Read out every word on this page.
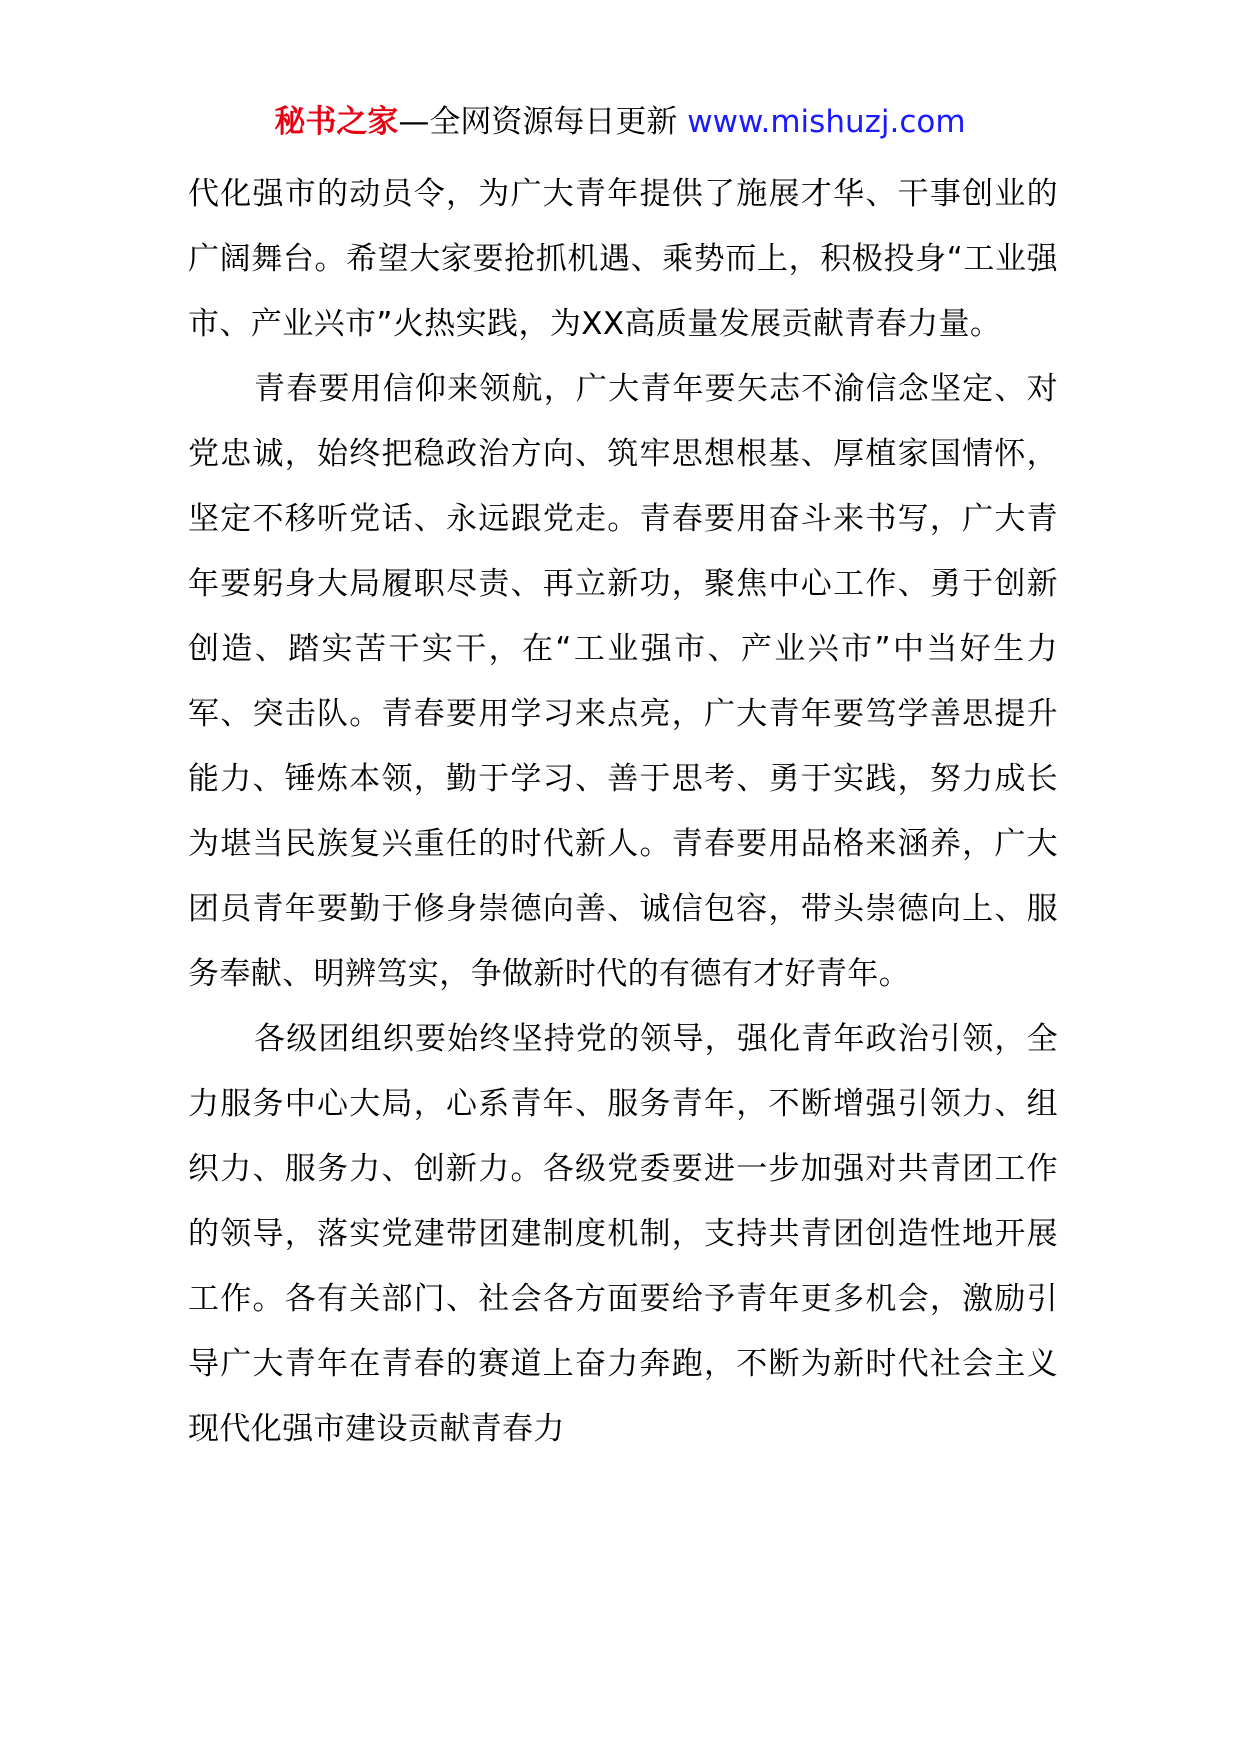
秘书之家—全网资源每日更新 www.mishuzj.com

代化强市的动员令，为广大青年提供了施展才华、干事创业的广阔舞台。希望大家要抢抓机遇、乘势而上，积极投身“工业强市、产业兴市”火热实践，为XX高质量发展贡献青春力量。

青春要用信仰来领航，广大青年要矢志不渝信念坚定、对党忠诚，始终把稳政治方向、筑牢思想根基、厚植家国情怀，坚定不移听党话、永远跟党走。青春要用奋斗来书写，广大青年要躬身大局履职尽责、再立新功，聚焦中心工作、勇于创新创造、踏实苦干实干，在“工业强市、产业兴市”中当好生力军、突击队。青春要用学习来点亮，广大青年要笃学善思提升能力、锤炼本领，勤于学习、善于思考、勇于实践，努力成长为堪当民族复兴重任的时代新人。青春要用品格来涵养，广大团员青年要勤于修身崇德向善、诚信包容，带头崇德向上、服务奉献、明辨笃实，争做新时代的有德有才好青年。

各级团组织要始终坚持党的领导，强化青年政治引领，全力服务中心大局，心系青年、服务青年，不断增强引领力、组织力、服务力、创新力。各级党委要进一步加强对共青团工作的领导，落实党建带团建制度机制，支持共青团创造性地开展工作。各有关部门、社会各方面要给予青年更多机会，激励引导广大青年在青春的赛道上奋力奔跑，不断为新时代社会主义现代化强市建设贡献青春力
